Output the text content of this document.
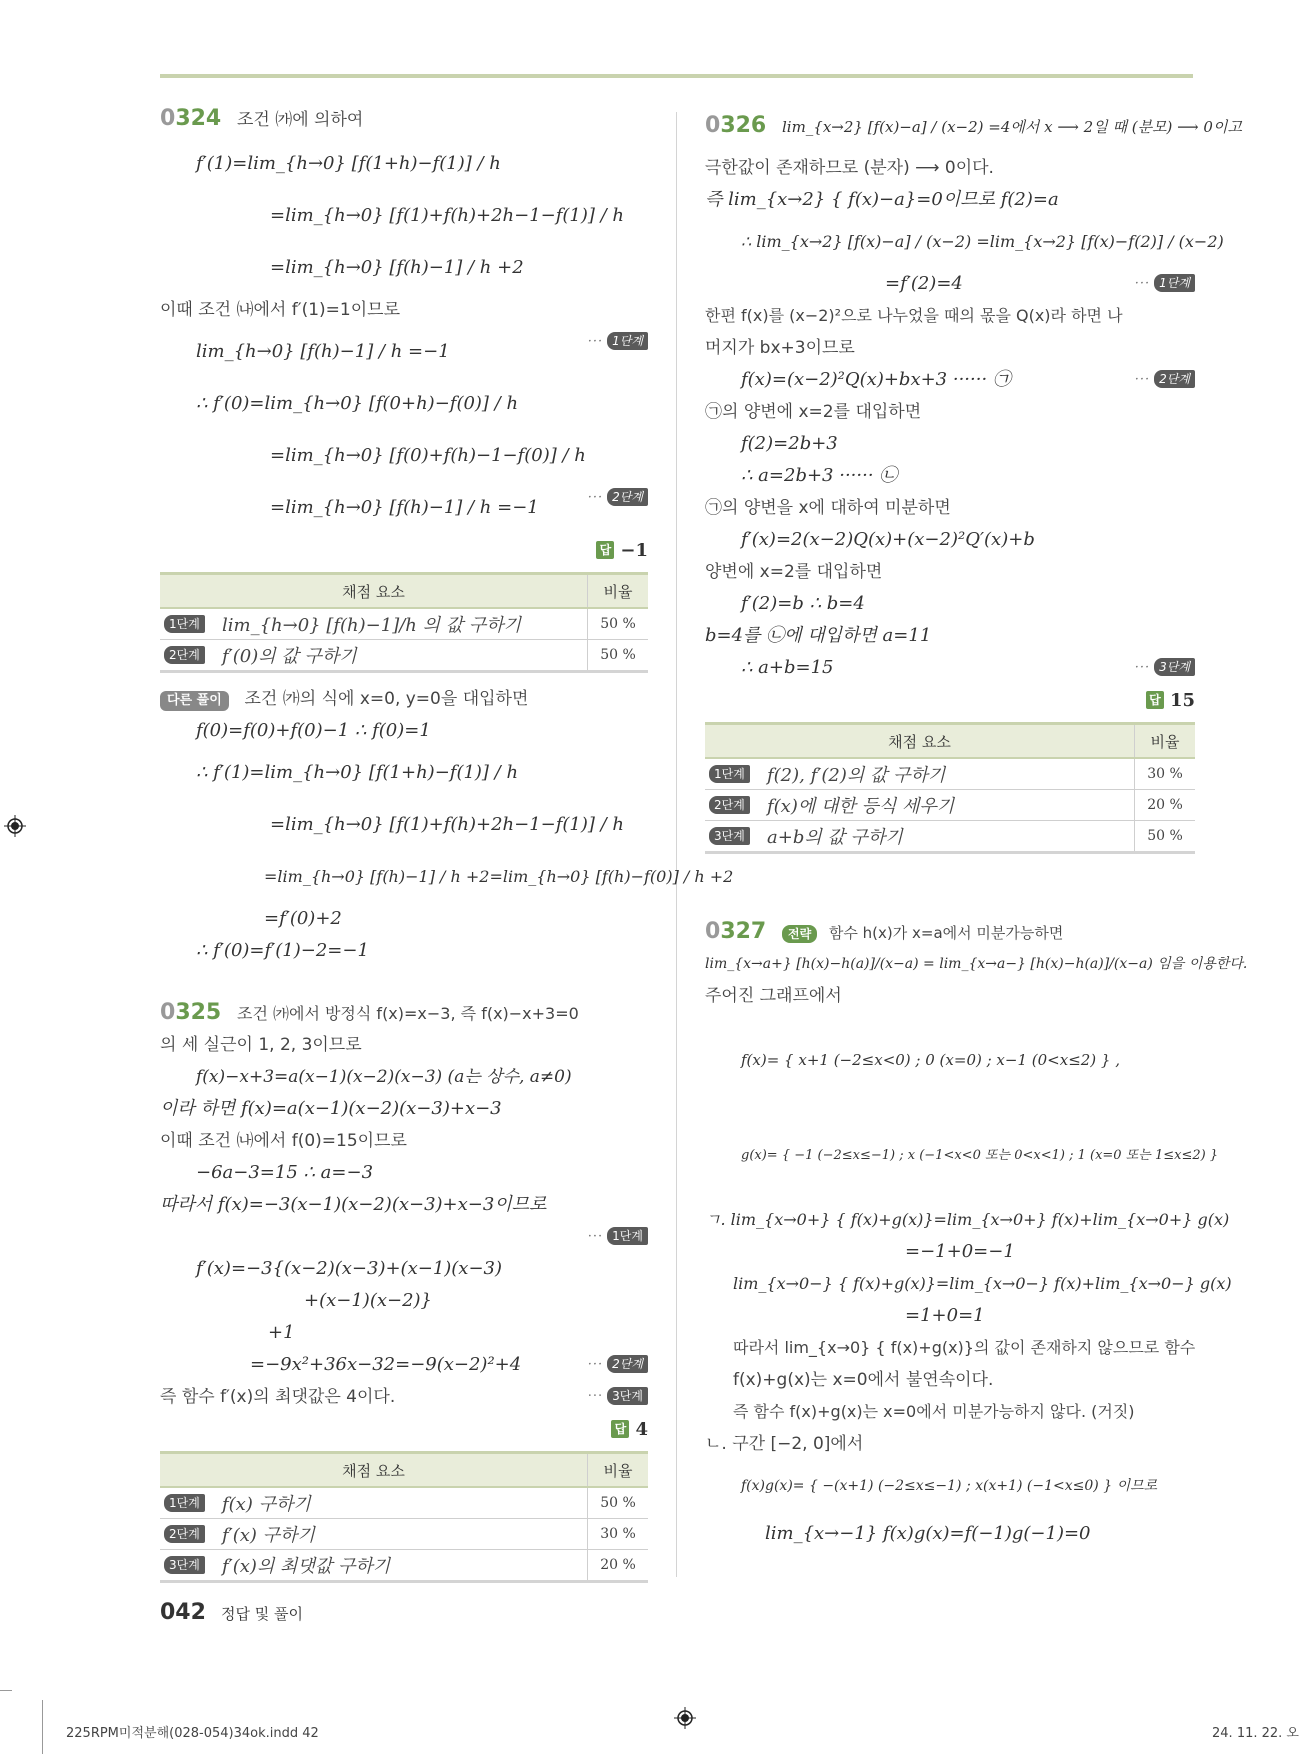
0324 조건 ㈎에 의하여
f′(1)=lim_{h→0} [f(1+h)−f(1)] / h
=lim_{h→0} [f(1)+f(h)+2h−1−f(1)] / h
=lim_{h→0} [f(h)−1] / h +2
이때 조건 ㈏에서 f′(1)=1이므로
lim_{h→0} [f(h)−1] / h =−1	··· 1단계
∴ f′(0)=lim_{h→0} [f(0+h)−f(0)] / h
=lim_{h→0} [f(0)+f(h)−1−f(0)] / h
=lim_{h→0} [f(h)−1] / h =−1	··· 2단계
답 −1
채점 요소		비율
1단계	lim_{h→0} [f(h)−1]/h 의 값 구하기	50 %
2단계	f′(0)의 값 구하기	50 %
다른 풀이 조건 ㈎의 식에 x=0, y=0을 대입하면
f(0)=f(0)+f(0)−1 ∴ f(0)=1
∴ f′(1)=lim_{h→0} [f(1+h)−f(1)] / h
=lim_{h→0} [f(1)+f(h)+2h−1−f(1)] / h
=lim_{h→0} [f(h)−1] / h +2=lim_{h→0} [f(h)−f(0)] / h +2
=f′(0)+2
∴ f′(0)=f′(1)−2=−1
0325 조건 ㈎에서 방정식 f(x)=x−3, 즉 f(x)−x+3=0
의 세 실근이 1, 2, 3이므로
f(x)−x+3=a(x−1)(x−2)(x−3) (a는 상수, a≠0)
이라 하면 f(x)=a(x−1)(x−2)(x−3)+x−3
이때 조건 ㈏에서 f(0)=15이므로
−6a−3=15 ∴ a=−3
따라서 f(x)=−3(x−1)(x−2)(x−3)+x−3이므로
··· 1단계
f′(x)=−3{(x−2)(x−3)+(x−1)(x−3)
+(x−1)(x−2)}
+1
=−9x²+36x−32=−9(x−2)²+4	··· 2단계
즉 함수 f′(x)의 최댓값은 4이다.	··· 3단계
답 4
채점 요소		비율
1단계	f(x) 구하기	50 %
2단계	f′(x) 구하기	30 %
3단계	f′(x)의 최댓값 구하기	20 %
0326 lim_{x→2} [f(x)−a] / (x−2) =4에서 x ⟶ 2일 때 (분모) ⟶ 0이고
극한값이 존재하므로 (분자) ⟶ 0이다.
즉 lim_{x→2} { f(x)−a}=0이므로 f(2)=a
∴ lim_{x→2} [f(x)−a] / (x−2) =lim_{x→2} [f(x)−f(2)] / (x−2)
=f′(2)=4	··· 1단계
한편 f(x)를 (x−2)²으로 나누었을 때의 몫을 Q(x)라 하면 나
머지가 bx+3이므로
f(x)=(x−2)²Q(x)+bx+3 ······ ㉠	··· 2단계
㉠의 양변에 x=2를 대입하면
f(2)=2b+3
∴ a=2b+3 ······ ㉡
㉠의 양변을 x에 대하여 미분하면
f′(x)=2(x−2)Q(x)+(x−2)²Q′(x)+b
양변에 x=2를 대입하면
f′(2)=b ∴ b=4
b=4를 ㉡에 대입하면 a=11
∴ a+b=15	··· 3단계
답 15
채점 요소		비율
1단계	f(2), f′(2)의 값 구하기	30 %
2단계	f(x)에 대한 등식 세우기	20 %
3단계	a+b의 값 구하기	50 %
0327 전략 함수 h(x)가 x=a에서 미분가능하면
lim_{x→a+} [h(x)−h(a)]/(x−a) = lim_{x→a−} [h(x)−h(a)]/(x−a) 임을 이용한다.
주어진 그래프에서
f(x)= { x+1 (−2≤x<0) ; 0 (x=0) ; x−1 (0<x≤2) } ,
g(x)= { −1 (−2≤x≤−1) ; x (−1<x<0 또는 0<x<1) ; 1 (x=0 또는 1≤x≤2) }
ㄱ. lim_{x→0+} { f(x)+g(x)}=lim_{x→0+} f(x)+lim_{x→0+} g(x)
=−1+0=−1
lim_{x→0−} { f(x)+g(x)}=lim_{x→0−} f(x)+lim_{x→0−} g(x)
=1+0=1
따라서 lim_{x→0} { f(x)+g(x)}의 값이 존재하지 않으므로 함수
f(x)+g(x)는 x=0에서 불연속이다.
즉 함수 f(x)+g(x)는 x=0에서 미분가능하지 않다. (거짓)
ㄴ. 구간 [−2, 0]에서
f(x)g(x)= { −(x+1) (−2≤x≤−1) ; x(x+1) (−1<x≤0) } 이므로
lim_{x→−1} f(x)g(x)=f(−1)g(−1)=0
042 정답 및 풀이
225RPM미적분해(028-054)34ok.indd 42	24. 11. 22. 오
